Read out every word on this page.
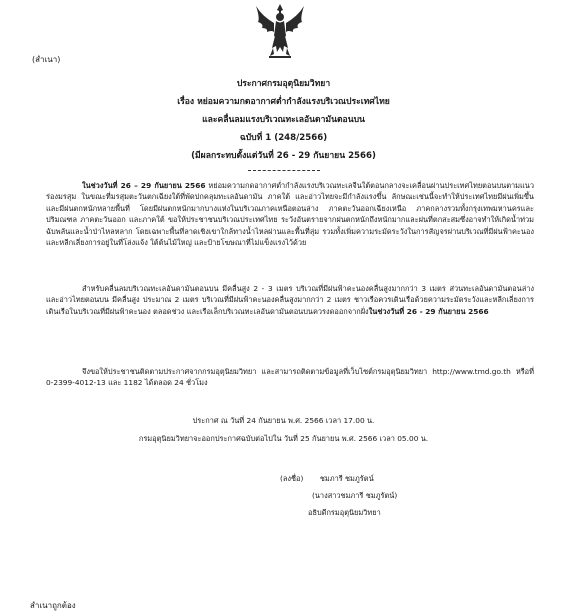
(สำเนา)
ประกาศกรมอุตุนิยมวิทยา
เรื่อง หย่อมความกดอากาศต่ำกำลังแรงบริเวณประเทศไทย
และคลื่นลมแรงบริเวณทะเลอันดามันตอนบน
ฉบับที่ 1 (248/2566)
(มีผลกระทบตั้งแต่วันที่ 26 - 29 กันยายน 2566)
ในช่วงวันที่ 26 – 29 กันยายน 2566 หย่อมความกดอากาศต่ำกำลังแรงบริเวณทะเลจีนใต้ตอนกลางจะเคลื่อนผ่านประเทศไทยตอนบนตามแนวร่องมรสุม ในขณะที่มรสุมตะวันตกเฉียงใต้ที่พัดปกคลุมทะเลอันดามัน ภาคใต้ และอ่าวไทยจะมีกำลังแรงขึ้น ลักษณะเช่นนี้จะทำให้ประเทศไทยมีฝนเพิ่มขึ้นและมีฝนตกหนักหลายพื้นที่ โดยมีฝนตกหนักมากบางแห่งในบริเวณภาคเหนือตอนล่าง ภาคตะวันออกเฉียงเหนือ ภาคกลางรวมทั้งกรุงเทพมหานครและปริมณฑล ภาคตะวันออก และภาคใต้ ขอให้ประชาชนบริเวณประเทศไทย ระวังอันตรายจากฝนตกหนักถึงหนักมากและฝนที่ตกสะสมซึ่งอาจทำให้เกิดน้ำท่วมฉับพลันและน้ำป่าไหลหลาก โดยเฉพาะพื้นที่ลาดเชิงเขาใกล้ทางน้ำไหลผ่านและพื้นที่ลุ่ม รวมทั้งเพิ่มความระมัดระวังในการสัญจรผ่านบริเวณที่มีฝนฟ้าคะนองและหลีกเลี่ยงการอยู่ในที่โล่งแจ้ง ใต้ต้นไม้ใหญ่ และป้ายโฆษณาที่ไม่แข็งแรงไว้ด้วย
สำหรับคลื่นลมบริเวณทะเลอันดามันตอนบน มีคลื่นสูง 2 - 3 เมตร บริเวณที่มีฝนฟ้าคะนองคลื่นสูงมากกว่า 3 เมตร ส่วนทะเลอันดามันตอนล่างและอ่าวไทยตอนบน มีคลื่นสูง ประมาณ 2 เมตร บริเวณที่มีฝนฟ้าคะนองคลื่นสูงมากกว่า 2 เมตร ชาวเรือควรเดินเรือด้วยความระมัดระวังและหลีกเลี่ยงการเดินเรือในบริเวณที่มีฝนฟ้าคะนอง ตลอดช่วง และเรือเล็กบริเวณทะเลอันดามันตอนบนควรงดออกจากฝั่งในช่วงวันที่ 26 - 29 กันยายน 2566
จึงขอให้ประชาชนติดตามประกาศจากกรมอุตุนิยมวิทยา และสามารถติดตามข้อมูลที่เว็บไซต์กรมอุตุนิยมวิทยา http://www.tmd.go.th หรือที่ 0-2399-4012-13 และ 1182 ได้ตลอด 24 ชั่วโมง
ประกาศ ณ วันที่ 24 กันยายน พ.ศ. 2566 เวลา 17.00 น.
กรมอุตุนิยมวิทยาจะออกประกาศฉบับต่อไปใน วันที่ 25 กันยายน พ.ศ. 2566 เวลา 05.00 น.
(ลงชื่อ) ชมภารี ชมภูรัตน์
(นางสาวชมภารี ชมภูรัตน์)
อธิบดีกรมอุตุนิยมวิทยา
สำเนาถูกต้อง
